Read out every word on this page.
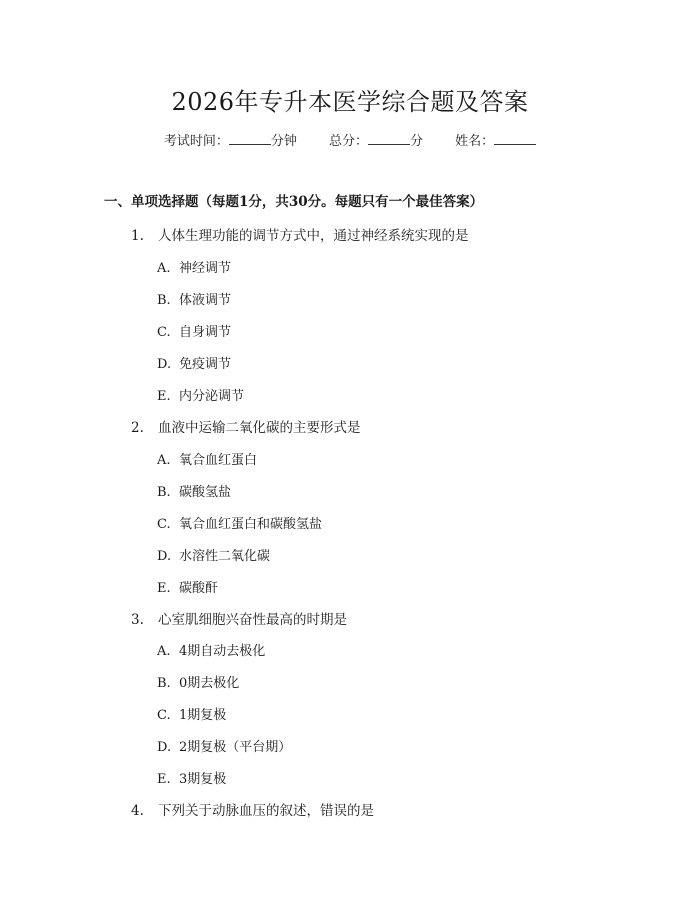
2026年专升本医学综合题及答案
考试时间：	分钟 总分：	分 姓名：
一、单项选择题（每题1分，共30分。每题只有一个最佳答案）
1. 人体生理功能的调节方式中，通过神经系统实现的是
A. 神经调节
B. 体液调节
C. 自身调节
D. 免疫调节
E. 内分泌调节
2. 血液中运输二氧化碳的主要形式是
A. 氧合血红蛋白
B. 碳酸氢盐
C. 氧合血红蛋白和碳酸氢盐
D. 水溶性二氧化碳
E. 碳酸酐
3. 心室肌细胞兴奋性最高的时期是
A. 4期自动去极化
B. 0期去极化
C. 1期复极
D. 2期复极（平台期）
E. 3期复极
4. 下列关于动脉血压的叙述，错误的是
